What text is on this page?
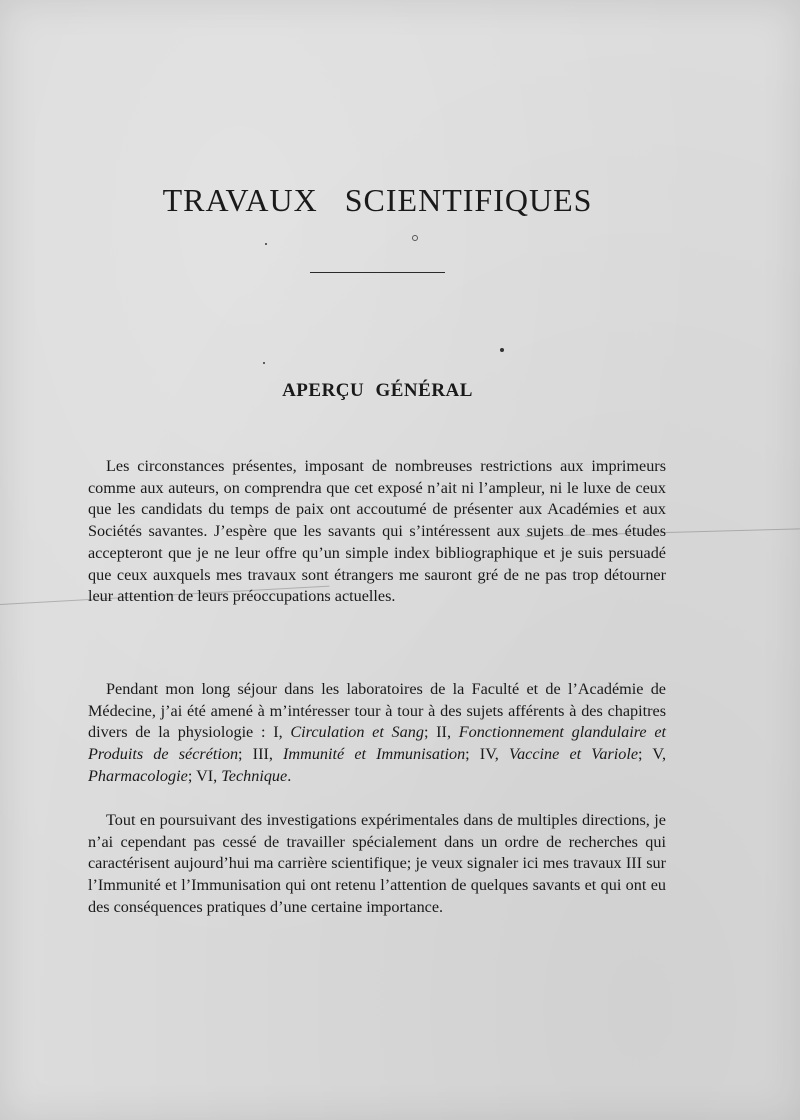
TRAVAUX SCIENTIFIQUES
APERÇU GÉNÉRAL

Les circonstances présentes, imposant de nombreuses restrictions aux imprimeurs comme aux auteurs, on comprendra que cet exposé n’ait ni l’ampleur, ni le luxe de ceux que les candidats du temps de paix ont accoutumé de présenter aux Académies et aux Sociétés savantes. J’espère que les savants qui s’intéressent aux sujets de mes études accepteront que je ne leur offre qu’un simple index bibliographique et je suis persuadé que ceux auxquels mes travaux sont étrangers me sauront gré de ne pas trop détourner leur attention de leurs préoccupations actuelles.

Pendant mon long séjour dans les laboratoires de la Faculté et de l’Académie de Médecine, j’ai été amené à m’intéresser tour à tour à des sujets afférents à des chapitres divers de la physiologie : I, Circulation et Sang; II, Fonctionnement glandulaire et Produits de sécrétion; III, Immunité et Immunisation; IV, Vaccine et Variole; V, Pharmacologie; VI, Technique.

Tout en poursuivant des investigations expérimentales dans de multiples directions, je n’ai cependant pas cessé de travailler spécialement dans un ordre de recherches qui caractérisent aujourd’hui ma carrière scientifique; je veux signaler ici mes travaux III sur l’Immunité et l’Immunisation qui ont retenu l’attention de quelques savants et qui ont eu des conséquences pratiques d’une certaine importance.
